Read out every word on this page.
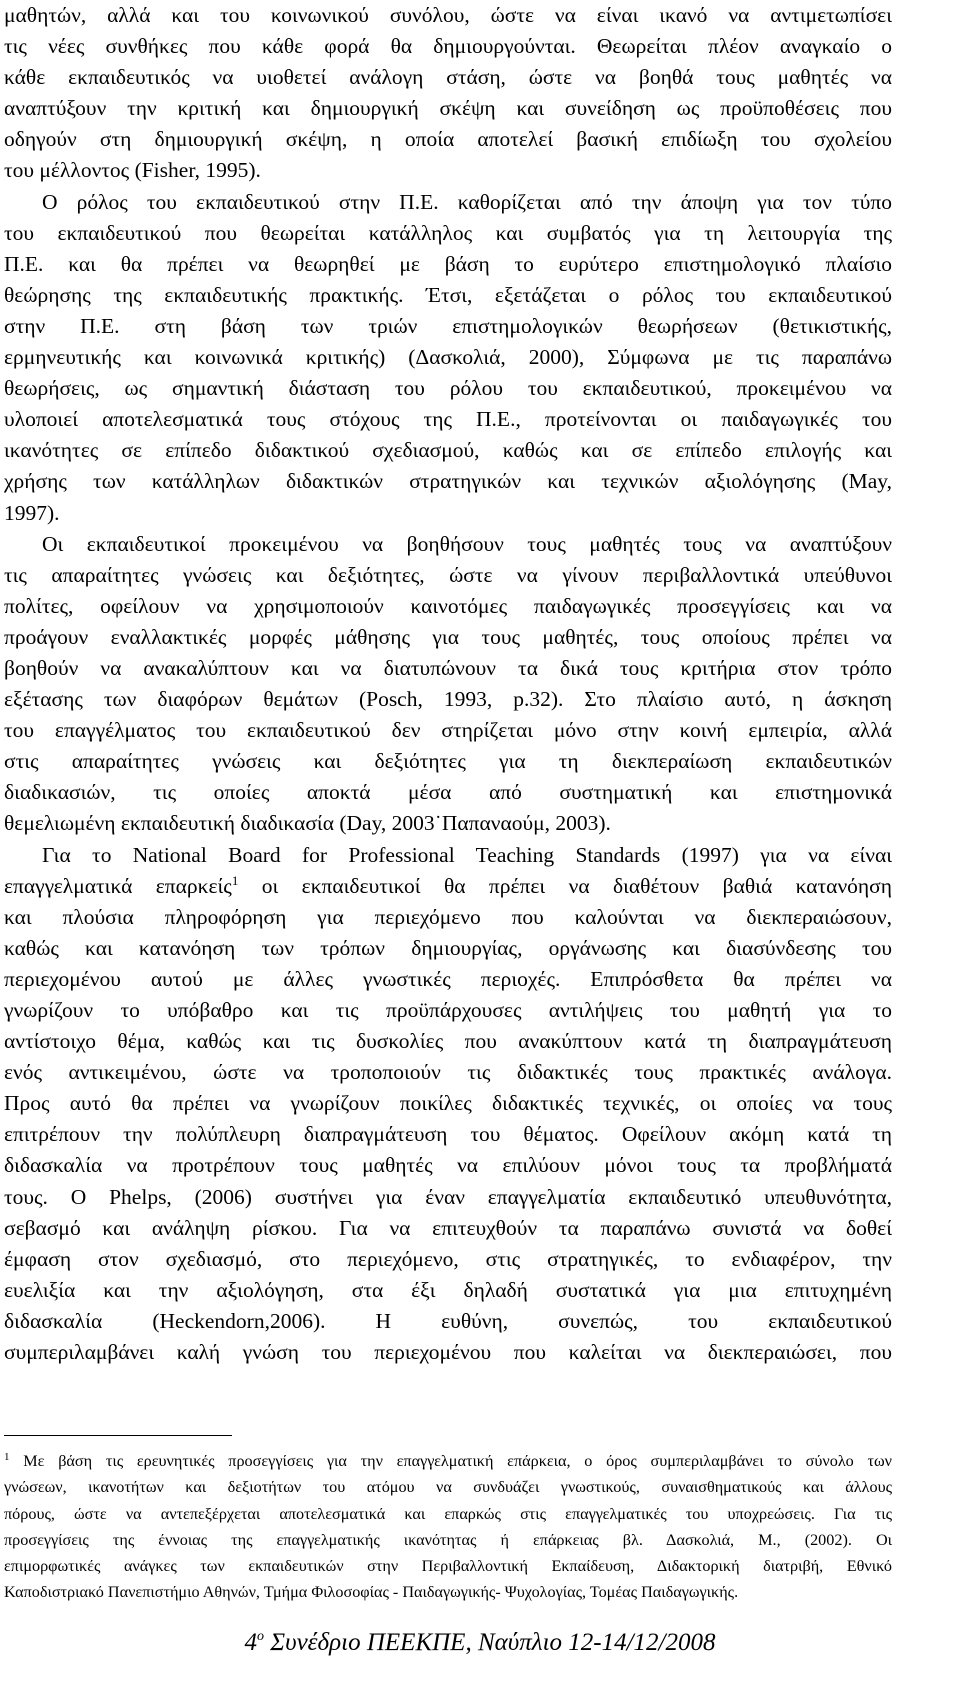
μαθητών, αλλά και του κοινωνικού συνόλου, ώστε να είναι ικανό να αντιμετωπίσει
τις νέες συνθήκες που κάθε φορά θα δημιουργούνται. Θεωρείται πλέον αναγκαίο ο
κάθε εκπαιδευτικός να υιοθετεί ανάλογη στάση, ώστε να βοηθά τους μαθητές να
αναπτύξουν την κριτική και δημιουργική σκέψη και συνείδηση ως προϋποθέσεις που
οδηγούν στη δημιουργική σκέψη, η οποία αποτελεί βασική επιδίωξη του σχολείου
του μέλλοντος (Fisher, 1995).
Ο ρόλος του εκπαιδευτικού στην Π.Ε. καθορίζεται από την άποψη για τον τύπο
του εκπαιδευτικού που θεωρείται κατάλληλος και συμβατός για τη λειτουργία της
Π.Ε. και θα πρέπει να θεωρηθεί με βάση το ευρύτερο επιστημολογικό πλαίσιο
θεώρησης της εκπαιδευτικής πρακτικής. Έτσι, εξετάζεται ο ρόλος του εκπαιδευτικού
στην Π.Ε. στη βάση των τριών επιστημολογικών θεωρήσεων (θετικιστικής,
ερμηνευτικής και κοινωνικά κριτικής) (Δασκολιά, 2000), Σύμφωνα με τις παραπάνω
θεωρήσεις, ως σημαντική διάσταση του ρόλου του εκπαιδευτικού, προκειμένου να
υλοποιεί αποτελεσματικά τους στόχους της Π.Ε., προτείνονται οι παιδαγωγικές του
ικανότητες σε επίπεδο διδακτικού σχεδιασμού, καθώς και σε επίπεδο επιλογής και
χρήσης των κατάλληλων διδακτικών στρατηγικών και τεχνικών αξιολόγησης (May,
1997).
Οι εκπαιδευτικοί προκειμένου να βοηθήσουν τους μαθητές τους να αναπτύξουν
τις απαραίτητες γνώσεις και δεξιότητες, ώστε να γίνουν περιβαλλοντικά υπεύθυνοι
πολίτες, οφείλουν να χρησιμοποιούν καινοτόμες παιδαγωγικές προσεγγίσεις και να
προάγουν εναλλακτικές μορφές μάθησης για τους μαθητές, τους οποίους πρέπει να
βοηθούν να ανακαλύπτουν και να διατυπώνουν τα δικά τους κριτήρια στον τρόπο
εξέτασης των διαφόρων θεμάτων (Posch, 1993, p.32). Στο πλαίσιο αυτό, η άσκηση
του επαγγέλματος του εκπαιδευτικού δεν στηρίζεται μόνο στην κοινή εμπειρία, αλλά
στις απαραίτητες γνώσεις και δεξιότητες για τη διεκπεραίωση εκπαιδευτικών
διαδικασιών, τις οποίες αποκτά μέσα από συστηματική και επιστημονικά
θεμελιωμένη εκπαιδευτική διαδικασία (Day, 2003˙Παπαναούμ, 2003).
Για το National Board for Professional Teaching Standards (1997) για να είναι
επαγγελματικά επαρκείς$^1$ οι εκπαιδευτικοί θα πρέπει να διαθέτουν βαθιά κατανόηση
και πλούσια πληροφόρηση για περιεχόμενο που καλούνται να διεκπεραιώσουν,
καθώς και κατανόηση των τρόπων δημιουργίας, οργάνωσης και διασύνδεσης του
περιεχομένου αυτού με άλλες γνωστικές περιοχές. Επιπρόσθετα θα πρέπει να
γνωρίζουν το υπόβαθρο και τις προϋπάρχουσες αντιλήψεις του μαθητή για το
αντίστοιχο θέμα, καθώς και τις δυσκολίες που ανακύπτουν κατά τη διαπραγμάτευση
ενός αντικειμένου, ώστε να τροποποιούν τις διδακτικές τους πρακτικές ανάλογα.
Προς αυτό θα πρέπει να γνωρίζουν ποικίλες διδακτικές τεχνικές, οι οποίες να τους
επιτρέπουν την πολύπλευρη διαπραγμάτευση του θέματος. Οφείλουν ακόμη κατά τη
διδασκαλία να προτρέπουν τους μαθητές να επιλύουν μόνοι τους τα προβλήματά
τους. Ο Phelps, (2006) συστήνει για έναν επαγγελματία εκπαιδευτικό υπευθυνότητα,
σεβασμό και ανάληψη ρίσκου. Για να επιτευχθούν τα παραπάνω συνιστά να δοθεί
έμφαση στον σχεδιασμό, στο περιεχόμενο, στις στρατηγικές, το ενδιαφέρον, την
ευελιξία και την αξιολόγηση, στα έξι δηλαδή συστατικά για μια επιτυχημένη
διδασκαλία (Heckendorn,2006). Η ευθύνη, συνεπώς, του εκπαιδευτικού
συμπεριλαμβάνει καλή γνώση του περιεχομένου που καλείται να διεκπεραιώσει, που
$^1$ Με βάση τις ερευνητικές προσεγγίσεις για την επαγγελματική επάρκεια, ο όρος συμπεριλαμβάνει το σύνολο των
γνώσεων, ικανοτήτων και δεξιοτήτων του ατόμου να συνδυάζει γνωστικούς, συναισθηματικούς και άλλους
πόρους, ώστε να αντεπεξέρχεται αποτελεσματικά και επαρκώς στις επαγγελματικές του υποχρεώσεις. Για τις
προσεγγίσεις της έννοιας της επαγγελματικής ικανότητας ή επάρκειας βλ. Δασκολιά, Μ., (2002). Οι
επιμορφωτικές ανάγκες των εκπαιδευτικών στην Περιβαλλοντική Εκπαίδευση, Διδακτορική διατριβή, Εθνικό
Καποδιστριακό Πανεπιστήμιο Αθηνών, Τμήμα Φιλοσοφίας - Παιδαγωγικής- Ψυχολογίας, Τομέας Παιδαγωγικής.
$4^o$ Συνέδριο ΠΕΕΚΠΕ, Ναύπλιο 12-14/12/2008
